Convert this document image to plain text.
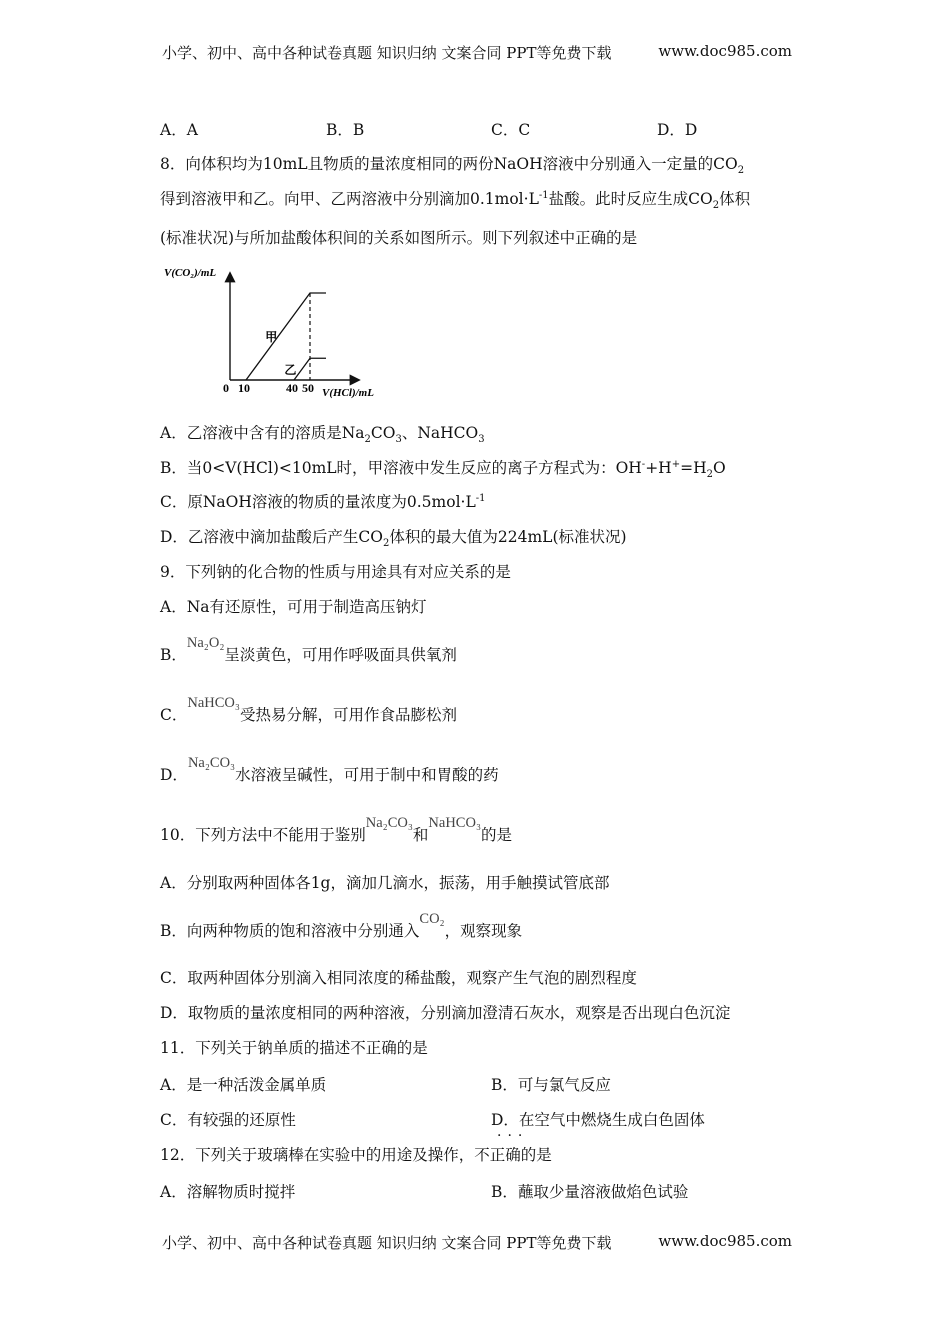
小学、初中、高中各种试卷真题 知识归纳 文案合同 PPT等免费下载	www.doc985.com
A．A	B．B	C．C	D．D
8．向体积均为10mL且物质的量浓度相同的两份NaOH溶液中分别通入一定量的$CO_2$
得到溶液甲和乙。向甲、乙两溶液中分别滴加$0.1mol\cdot L^{-1}$盐酸。此时反应生成$CO_2$体积
(标准状况)与所加盐酸体积间的关系如图所示。则下列叙述中正确的是
V(CO₂)/mL
V(HCl)/mL
0 10	40 50
甲
乙
A．乙溶液中含有的溶质是$Na_2CO_3$、NaHCO$_3$
B．当0<V(HCl)<10mL时，甲溶液中发生反应的离子方程式为：$OH^-+H^+=H_2O$
C．原NaOH溶液的物质的量浓度为$0.5mol\cdot L^{-1}$
D．乙溶液中滴加盐酸后产生$CO_2$体积的最大值为224mL(标准状况)
9．下列钠的化合物的性质与用途具有对应关系的是
A．Na有还原性，可用于制造高压钠灯
B．Na₂O₂呈淡黄色，可用作呼吸面具供氧剂
C．NaHCO₃受热易分解，可用作食品膨松剂
D．Na₂CO₃水溶液呈碱性，可用于制中和胃酸的药
10．下列方法中不能用于鉴别Na₂CO₃和NaHCO₃的是
A．分别取两种固体各1g，滴加几滴水，振荡，用手触摸试管底部
B．向两种物质的饱和溶液中分别通入CO₂，观察现象
C．取两种固体分别滴入相同浓度的稀盐酸，观察产生气泡的剧烈程度
D．取物质的量浓度相同的两种溶液，分别滴加澄清石灰水，观察是否出现白色沉淀
11．下列关于钠单质的描述不正确的是
A．是一种活泼金属单质	B．可与氯气反应
C．有较强的还原性	D．在空气中燃烧生成白色固体
···
12．下列关于玻璃棒在实验中的用途及操作，不正确的是
A．溶解物质时搅拌	B．蘸取少量溶液做焰色试验
小学、初中、高中各种试卷真题 知识归纳 文案合同 PPT等免费下载	www.doc985.com
